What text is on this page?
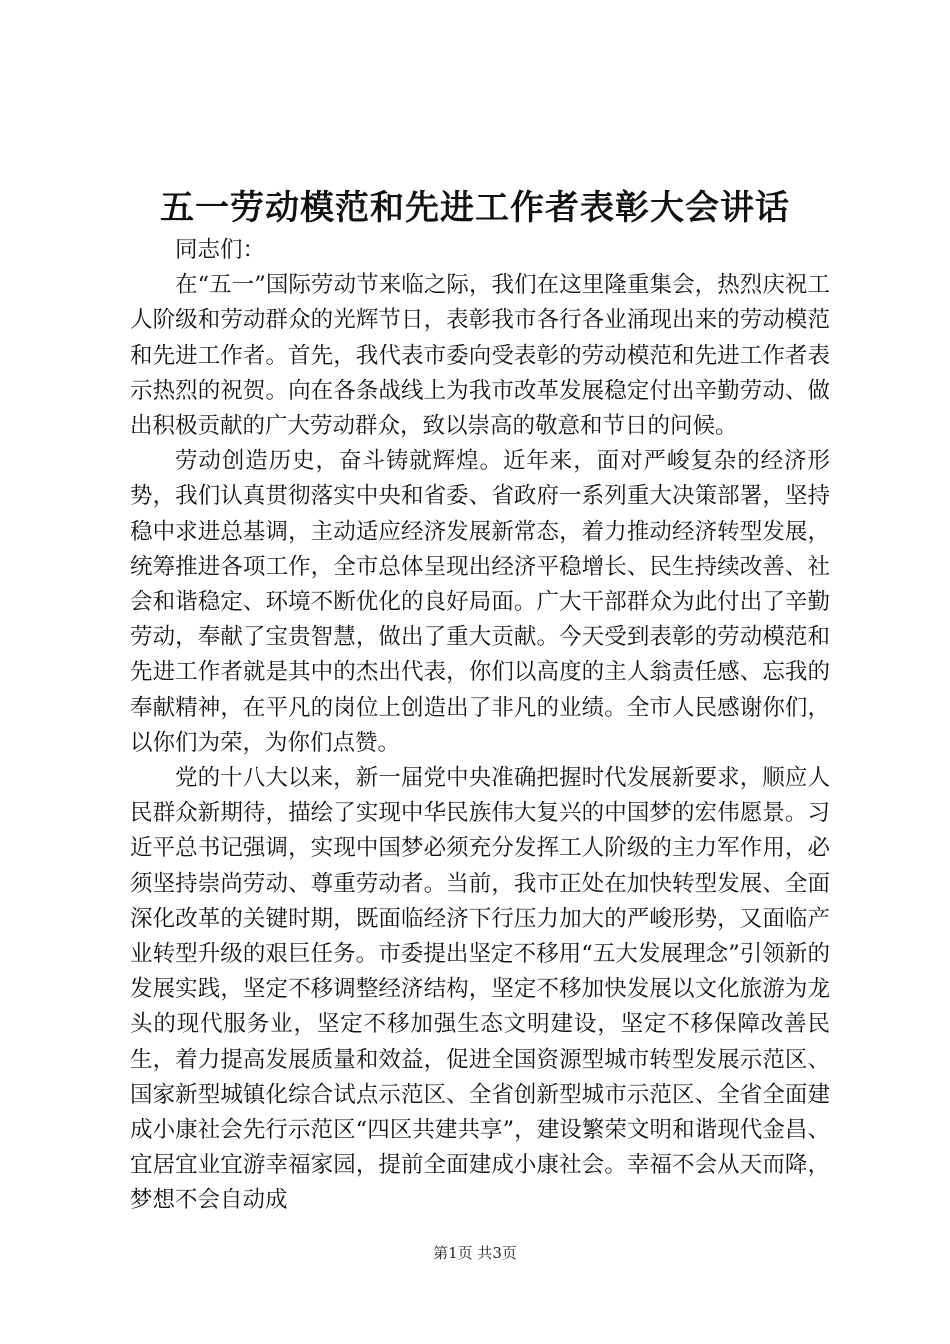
五一劳动模范和先进工作者表彰大会讲话

同志们：

在“五一”国际劳动节来临之际，我们在这里隆重集会，热烈庆祝工人阶级和劳动群众的光辉节日，表彰我市各行各业涌现出来的劳动模范和先进工作者。首先，我代表市委向受表彰的劳动模范和先进工作者表示热烈的祝贺。向在各条战线上为我市改革发展稳定付出辛勤劳动、做出积极贡献的广大劳动群众，致以崇高的敬意和节日的问候。

劳动创造历史，奋斗铸就辉煌。近年来，面对严峻复杂的经济形势，我们认真贯彻落实中央和省委、省政府一系列重大决策部署，坚持稳中求进总基调，主动适应经济发展新常态，着力推动经济转型发展，统筹推进各项工作，全市总体呈现出经济平稳增长、民生持续改善、社会和谐稳定、环境不断优化的良好局面。广大干部群众为此付出了辛勤劳动，奉献了宝贵智慧，做出了重大贡献。今天受到表彰的劳动模范和先进工作者就是其中的杰出代表，你们以高度的主人翁责任感、忘我的奉献精神，在平凡的岗位上创造出了非凡的业绩。全市人民感谢你们，以你们为荣，为你们点赞。

党的十八大以来，新一届党中央准确把握时代发展新要求，顺应人民群众新期待，描绘了实现中华民族伟大复兴的中国梦的宏伟愿景。习近平总书记强调，实现中国梦必须充分发挥工人阶级的主力军作用，必须坚持崇尚劳动、尊重劳动者。当前，我市正处在加快转型发展、全面深化改革的关键时期，既面临经济下行压力加大的严峻形势，又面临产业转型升级的艰巨任务。市委提出坚定不移用“五大发展理念”引领新的发展实践，坚定不移调整经济结构，坚定不移加快发展以文化旅游为龙头的现代服务业，坚定不移加强生态文明建设，坚定不移保障改善民生，着力提高发展质量和效益，促进全国资源型城市转型发展示范区、国家新型城镇化综合试点示范区、全省创新型城市示范区、全省全面建成小康社会先行示范区“四区共建共享”，建设繁荣文明和谐现代金昌、宜居宜业宜游幸福家园，提前全面建成小康社会。幸福不会从天而降，梦想不会自动成

第1页 共3页
